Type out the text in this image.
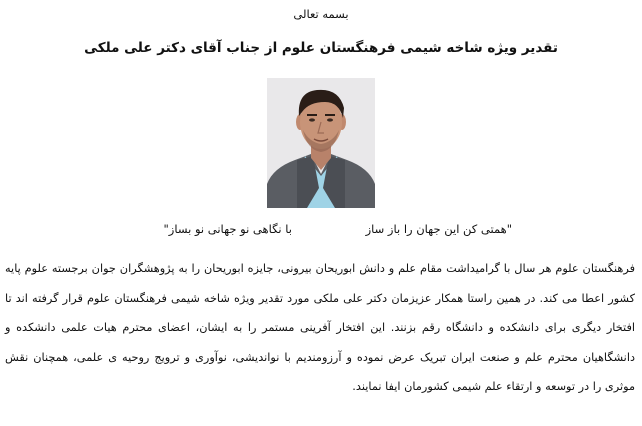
بسمه تعالی
تقدیر ویژه شاخه شیمی فرهنگستان علوم از جناب آقای دکتر علی ملکی
"همتی کن این جهان را باز ساز
با نگاهی نو جهانی نو بساز"

فرهنگستان علوم هر سال با گرامیداشت مقام علم و دانش ابوریحان بیرونی، جایزه ابوریحان را به پژوهشگران جوان برجسته علوم پایه کشور اعطا می کند. در همین راستا همکار عزیزمان دکتر علی ملکی مورد تقدیر ویژه شاخه شیمی فرهنگستان علوم قرار گرفته اند تا افتخار دیگری برای دانشکده و دانشگاه رقم بزنند. این افتخار آفرینی مستمر را به ایشان، اعضای محترم هیات علمی دانشکده و دانشگاهیان محترم علم و صنعت ایران تبریک عرض نموده و آرزومندیم با نواندیشی، نوآوری و ترویج روحیه ی علمی، همچنان نقش موثری را در توسعه و ارتقاء علم شیمی کشورمان ایفا نمایند.
